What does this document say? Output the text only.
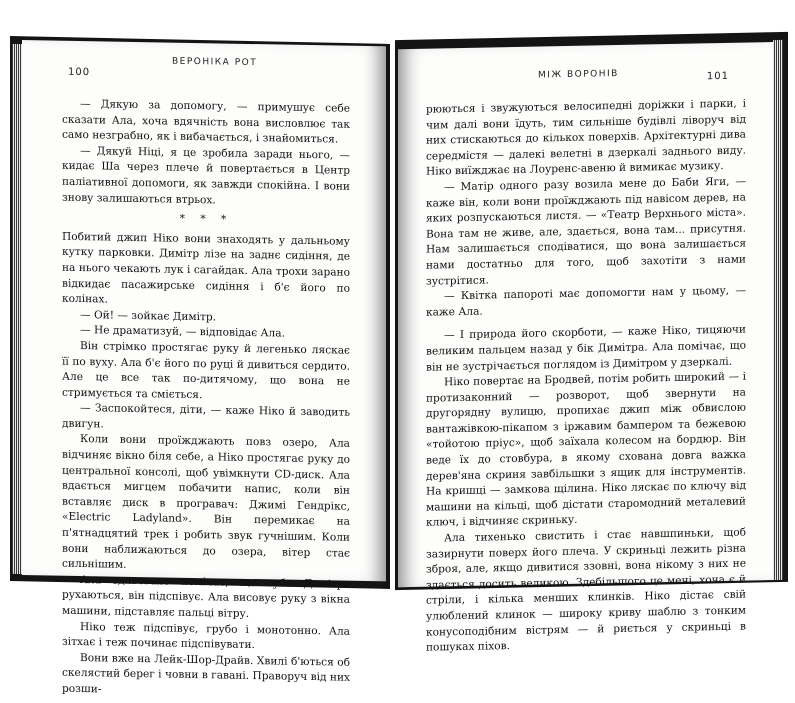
100
ВЕРОНІКА РОТ

— Дякую за допомогу, — примушує себе сказати Ала, хоча вдячність вона висловлює так само незграбно, як і вибачається, і знайомиться.

— Дякуй Ніці, я це зробила заради нього, — кидає Ша через плече й повертається в Центр паліативної допомоги, як завжди спокійна. І вони знову залишаються втрьох.

* * *

Побитий джип Ніко вони знаходять у дальньому кутку парковки. Димітр лізе на заднє сидіння, де на нього чекають лук і сагайдак. Ала трохи зарано відкидає пасажирське сидіння і б'є його по колінах.

— Ой! — зойкає Димітр.

— Не драматизуй, — відповідає Ала.

Він стрімко простягає руку й легенько ляскає її по вуху. Ала б'є його по руці й дивиться сердито. Але це все так по-дитячому, що вона не стримується та сміється.

— Заспокойтеся, діти, — каже Ніко й заводить двигун.

Коли вони проїжджають повз озеро, Ала відчиняє вікно біля себе, а Ніко простягає руку до центральної консолі, щоб увімкнути CD-диск. Ала вдається мигцем побачити напис, коли він вставляє диск в програвач: Джимі Гендрікс, «Electric Ladyland». Він перемикає на п'ятнадцятий трек і робить звук гучнішим. Коли вони наближаються до озера, вітер стає сильнішим.

Ала здивовано помічає, що губи Димітра рухаються, він підспівує. Ала висовує руку з вікна машини, підставляє пальці вітру.

Ніко теж підспівує, грубо і монотонно. Ала зітхає і теж починає підспівувати.

Вони вже на Лейк-Шор-Драйв. Хвилі б'ються об скелястий берег і човни в гавані. Праворуч від них розши-

МІЖ ВОРОНІВ	101

рюються і звужуються велосипедні доріжки і парки, і чим далі вони їдуть, тим сильніше будівлі ліворуч від них стискаються до кількох поверхів. Архітектурні дива середмістя — далекі велетні в дзеркалі заднього виду. Ніко виїжджає на Лоуренс-авеню й вимикає музику.

— Матір одного разу возила мене до Баби Яги, — каже він, коли вони проїжджають під навісом дерев, на яких розпускаються листя. — «Театр Верхнього міста». Вона там не живе, але, здається, вона там... присутня. Нам залишається сподіватися, що вона залишається нами достатньо для того, щоб захотіти з нами зустрітися.

— Квітка папороті має допомогти нам у цьому, — каже Ала.

— І природа його скорботи, — каже Ніко, тицяючи великим пальцем назад у бік Димітра. Ала помічає, що він не зустрічається поглядом із Димітром у дзеркалі.

Ніко повертає на Бродвей, потім робить широкий — і протизаконний — розворот, щоб звернути на другорядну вулицю, пропихає джип між обвислою вантажівкою-пікапом з іржавим бампером та бежевою «тойотою пріус», щоб заїхала колесом на бордюр. Він веде їх до стовбура, в якому схована довга важка дерев'яна скриня завбільшки з ящик для інструментів. На кришці — замкова щілина. Ніко ляскає по ключу від машини на кільці, щоб дістати старомодний металевий ключ, і відчиняє скриньку.

Ала тихенько свистить і стає навшпиньки, щоб зазирнути поверх його плеча. У скриньці лежить різна зброя, але, якщо дивитися ззовні, вона нікому з них не здається досить великою. Здебільшого це мечі, хоча є й стріли, і кілька менших клинків. Ніко дістає свій улюблений клинок — широку криву шаблю з тонким конусоподібним вістрям — й риється у скриньці в пошуках піхов.
